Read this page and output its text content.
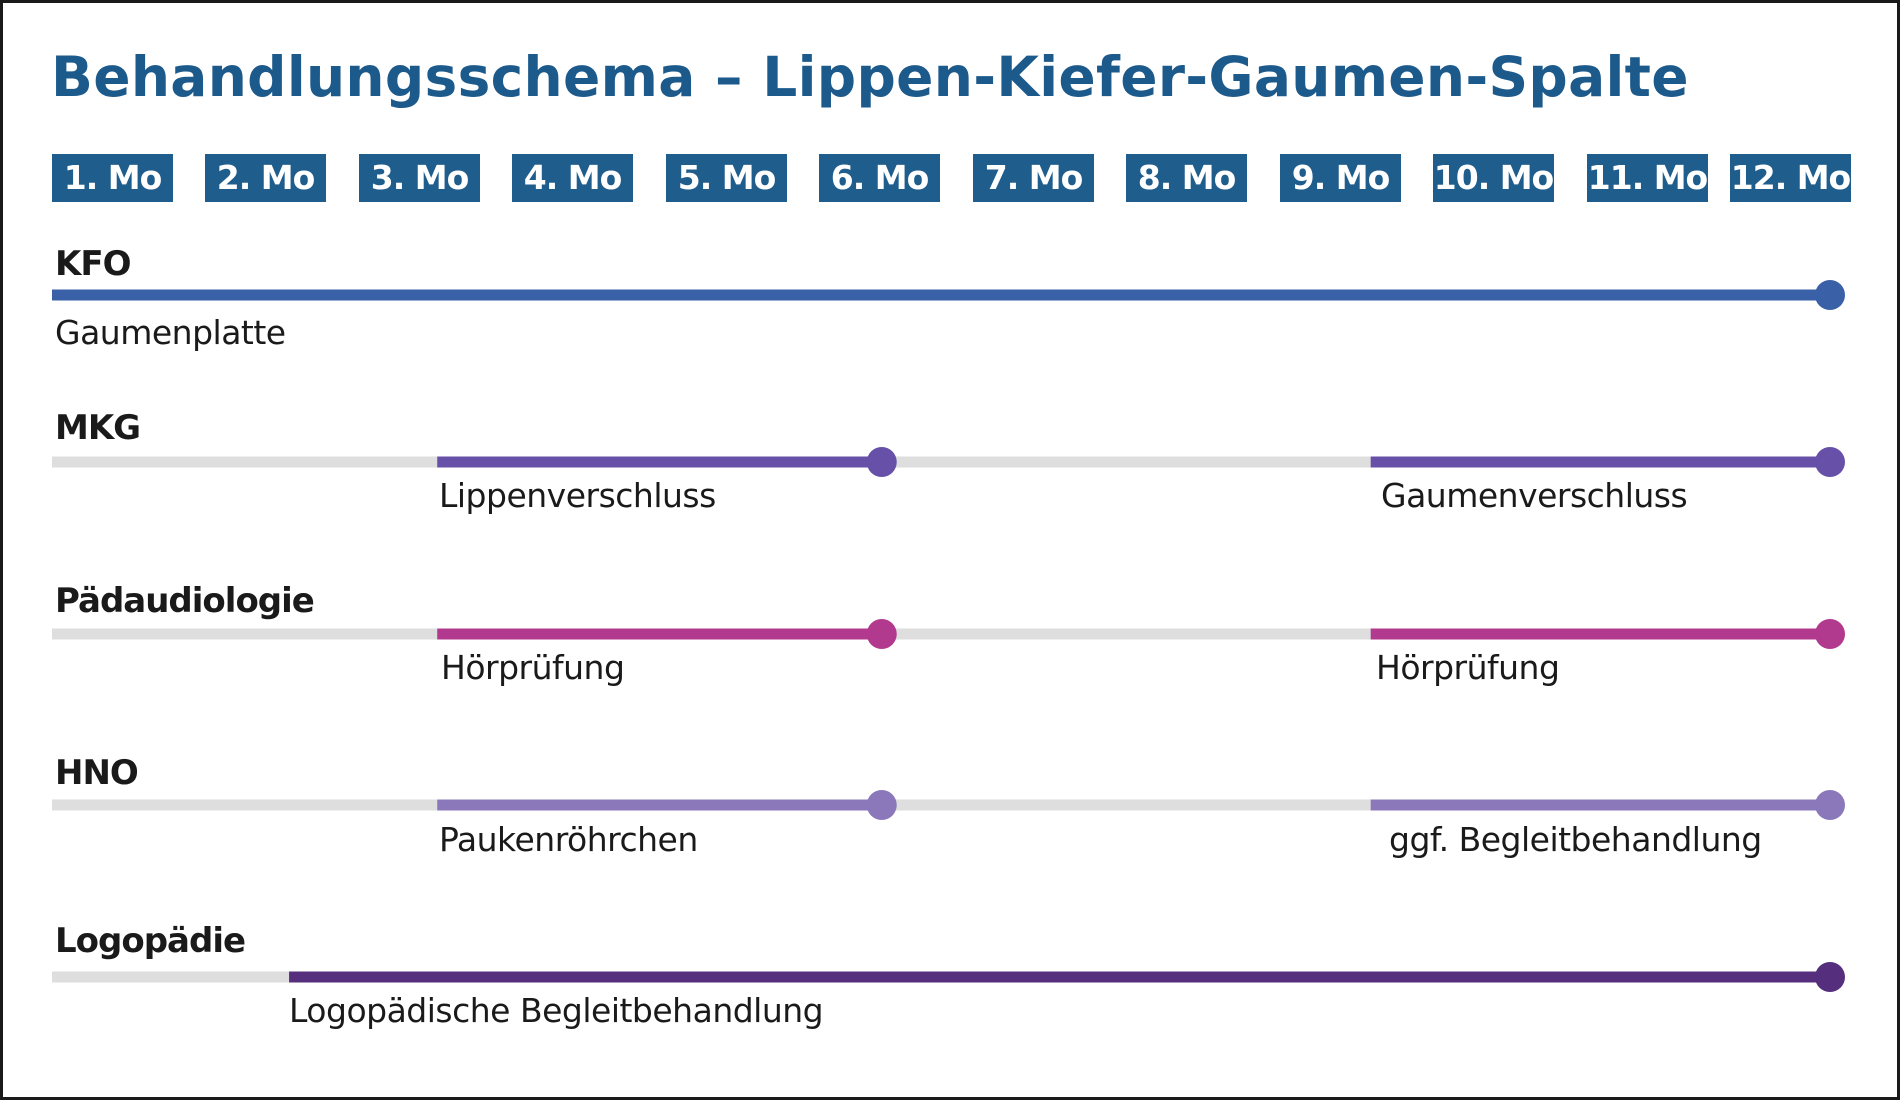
Behandlungsschema – Lippen-Kiefer-Gaumen-Spalte
1. Mo	2. Mo	3. Mo	4. Mo	5. Mo	6. Mo	7. Mo	8. Mo	9. Mo	10. Mo 11. Mo 12. Mo
KFO
MKG
Pädaudiologie
HNO
Logopädie
Gaumenplatte
Lippenverschluss	Gaumenverschluss
Hörprüfung	Hörprüfung
Paukenröhrchen	ggf. Begleitbehandlung
Logopädische Begleitbehandlung
